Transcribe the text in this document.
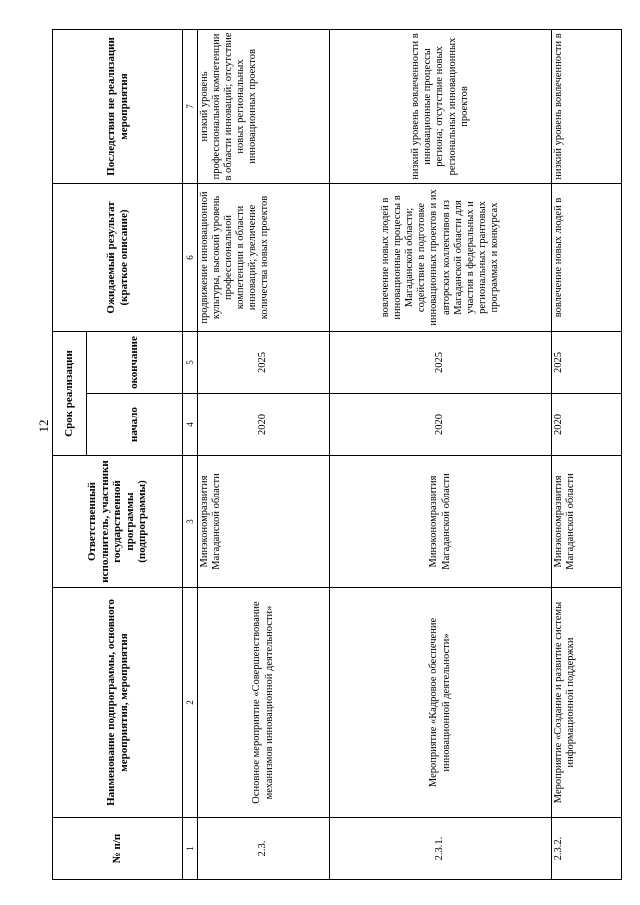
12
№ п/п	Наименование подпрограммы, основного мероприятия, мероприятия	Ответственный исполнитель, участники государственной программы (подпрограммы)	Срок реализации		Ожидаемый результат (краткое описание)	Последствия не реализации мероприятия
			начало	окончание		
1	2	3	4	5	6	7
2.3.	Основное мероприятие «Совершенствование механизмов инновационной деятельности»	Минэкономразвития Магаданской области	2020	2025	продвижение инновационной культуры, высокий уровень профессиональной компетенции в области инноваций; увеличение количества новых проектов	низкий уровень профессиональной компетенции в области инноваций; отсутствие новых региональных инновационных проектов
2.3.1.	Мероприятие «Кадровое обеспечение инновационной деятельности»	Минэкономразвития Магаданской области	2020	2025	вовлечение новых людей в инновационные процессы в Магаданской области; содействие в подготовке инновационных проектов и их авторских коллективов из Магаданской области для участия в федеральных и региональных грантовых программах и конкурсах	низкий уровень вовлеченности в инновационные процессы региона; отсутствие новых региональных инновационных проектов
2.3.2.	Мероприятие «Создание и развитие системы информационной поддержки	Минэкономразвития Магаданской области	2020	2025	вовлечение новых людей в	низкий уровень вовлеченности в
